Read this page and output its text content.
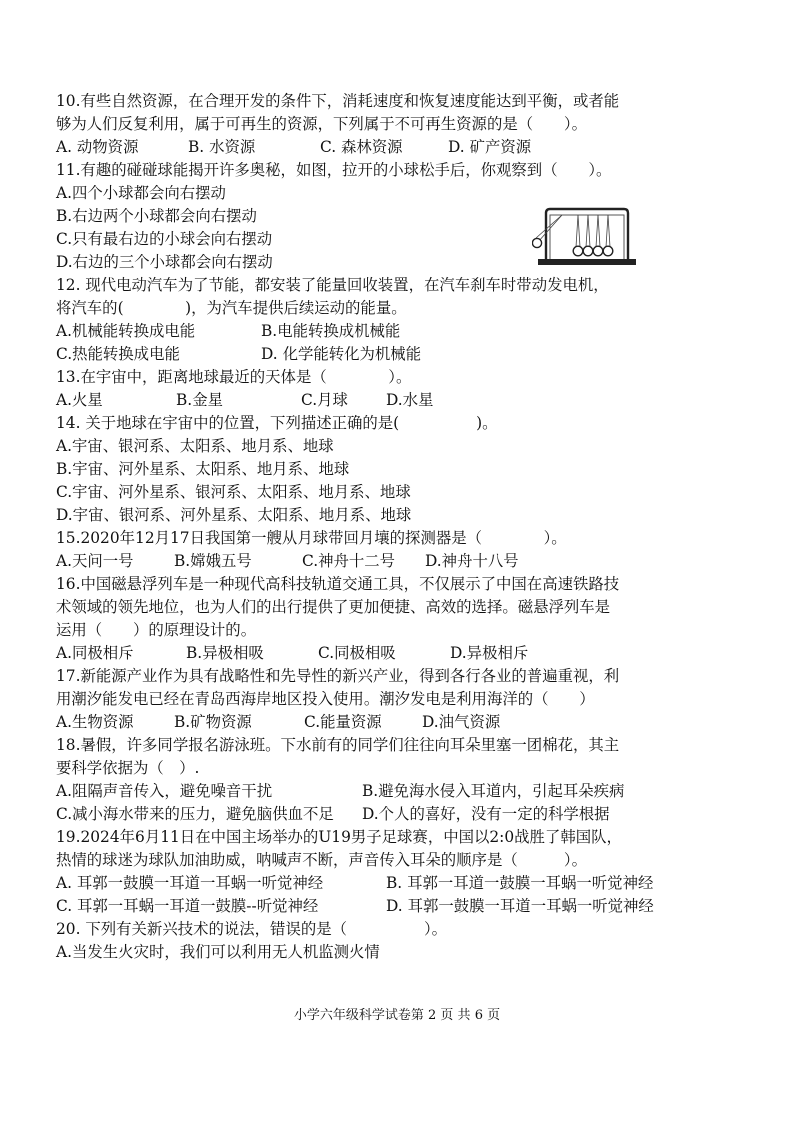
10.有些自然资源，在合理开发的条件下，消耗速度和恢复速度能达到平衡，或者能
够为人们反复利用，属于可再生的资源，下列属于不可再生资源的是（　　）。
A. 动物资源	B. 水资源	C. 森林资源	D. 矿产资源
11.有趣的碰碰球能揭开许多奥秘，如图，拉开的小球松手后，你观察到（　　）。
A.四个小球都会向右摆动
B.右边两个小球都会向右摆动
C.只有最右边的小球会向右摆动
D.右边的三个小球都会向右摆动
12. 现代电动汽车为了节能，都安装了能量回收装置，在汽车刹车时带动发电机，
将汽车的(　　　　)，为汽车提供后续运动的能量。
A.机械能转换成电能	B.电能转换成机械能
C.热能转换成电能	D. 化学能转化为机械能
13.在宇宙中，距离地球最近的天体是（　　　　）。
A.火星	B.金星	C.月球	D.水星
14. 关于地球在宇宙中的位置，下列描述正确的是(　　　　　)。
A.宇宙、银河系、太阳系、地月系、地球
B.宇宙、河外星系、太阳系、地月系、地球
C.宇宙、河外星系、银河系、太阳系、地月系、地球
D.宇宙、银河系、河外星系、太阳系、地月系、地球
15.2020年12月17日我国第一艘从月球带回月壤的探测器是（　　　　）。
A.天问一号	B.嫦娥五号	C.神舟十二号	D.神舟十八号
16.中国磁悬浮列车是一种现代高科技轨道交通工具，不仅展示了中国在高速铁路技
术领域的领先地位，也为人们的出行提供了更加便捷、高效的选择。磁悬浮列车是
运用（　　）的原理设计的。
A.同极相斥	B.异极相吸	C.同极相吸	D.异极相斥
17.新能源产业作为具有战略性和先导性的新兴产业，得到各行各业的普遍重视，利
用潮汐能发电已经在青岛西海岸地区投入使用。潮汐发电是利用海洋的（　　）
A.生物资源	B.矿物资源	C.能量资源	D.油气资源
18.暑假，许多同学报名游泳班。下水前有的同学们往往向耳朵里塞一团棉花，其主
要科学依据为（　）.
A.阻隔声音传入，避免噪音干扰	B.避免海水侵入耳道内，引起耳朵疾病
C.减小海水带来的压力，避免脑供血不足	D.个人的喜好，没有一定的科学根据
19.2024年6月11日在中国主场举办的U19男子足球赛，中国以2:0战胜了韩国队，
热情的球迷为球队加油助威，呐喊声不断，声音传入耳朵的顺序是（　　　）。
A. 耳郭一鼓膜一耳道一耳蜗一听觉神经	B. 耳郭一耳道一鼓膜一耳蜗一听觉神经
C. 耳郭一耳蜗一耳道一鼓膜--听觉神经	D. 耳郭一鼓膜一耳道一耳蜗一听觉神经
20. 下列有关新兴技术的说法，错误的是（　　　　　）。
A.当发生火灾时，我们可以利用无人机监测火情
小学六年级科学试卷第 2 页 共 6 页
